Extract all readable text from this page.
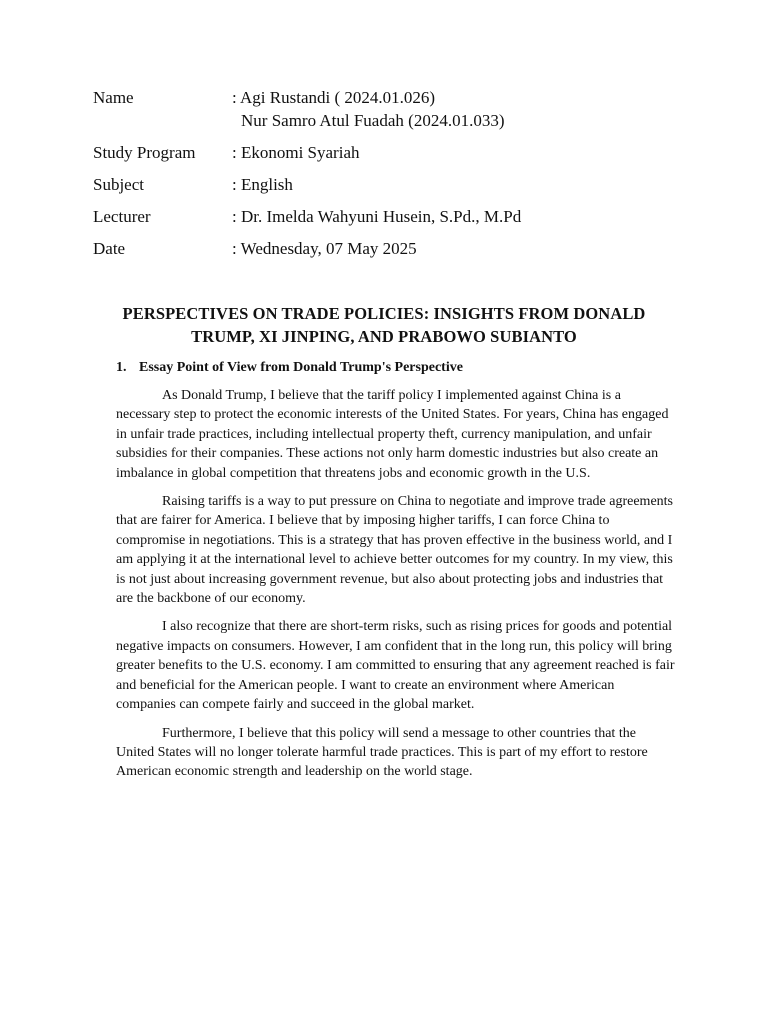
Name	: Agi Rustandi ( 2024.01.026)
Nur Samro Atul Fuadah (2024.01.033)
Study Program	: Ekonomi Syariah
Subject	: English
Lecturer	: Dr. Imelda Wahyuni Husein, S.Pd., M.Pd
Date	: Wednesday, 07 May 2025
PERSPECTIVES ON TRADE POLICIES: INSIGHTS FROM DONALD
TRUMP, XI JINPING, AND PRABOWO SUBIANTO
1. Essay Point of View from Donald Trump's Perspective

As Donald Trump, I believe that the tariff policy I implemented against China is a necessary step to protect the economic interests of the United States. For years, China has engaged in unfair trade practices, including intellectual property theft, currency manipulation, and unfair subsidies for their companies. These actions not only harm domestic industries but also create an imbalance in global competition that threatens jobs and economic growth in the U.S.

Raising tariffs is a way to put pressure on China to negotiate and improve trade agreements that are fairer for America. I believe that by imposing higher tariffs, I can force China to compromise in negotiations. This is a strategy that has proven effective in the business world, and I am applying it at the international level to achieve better outcomes for my country. In my view, this is not just about increasing government revenue, but also about protecting jobs and industries that are the backbone of our economy.

I also recognize that there are short-term risks, such as rising prices for goods and potential negative impacts on consumers. However, I am confident that in the long run, this policy will bring greater benefits to the U.S. economy. I am committed to ensuring that any agreement reached is fair and beneficial for the American people. I want to create an environment where American companies can compete fairly and succeed in the global market.

Furthermore, I believe that this policy will send a message to other countries that the United States will no longer tolerate harmful trade practices. This is part of my effort to restore American economic strength and leadership on the world stage.
